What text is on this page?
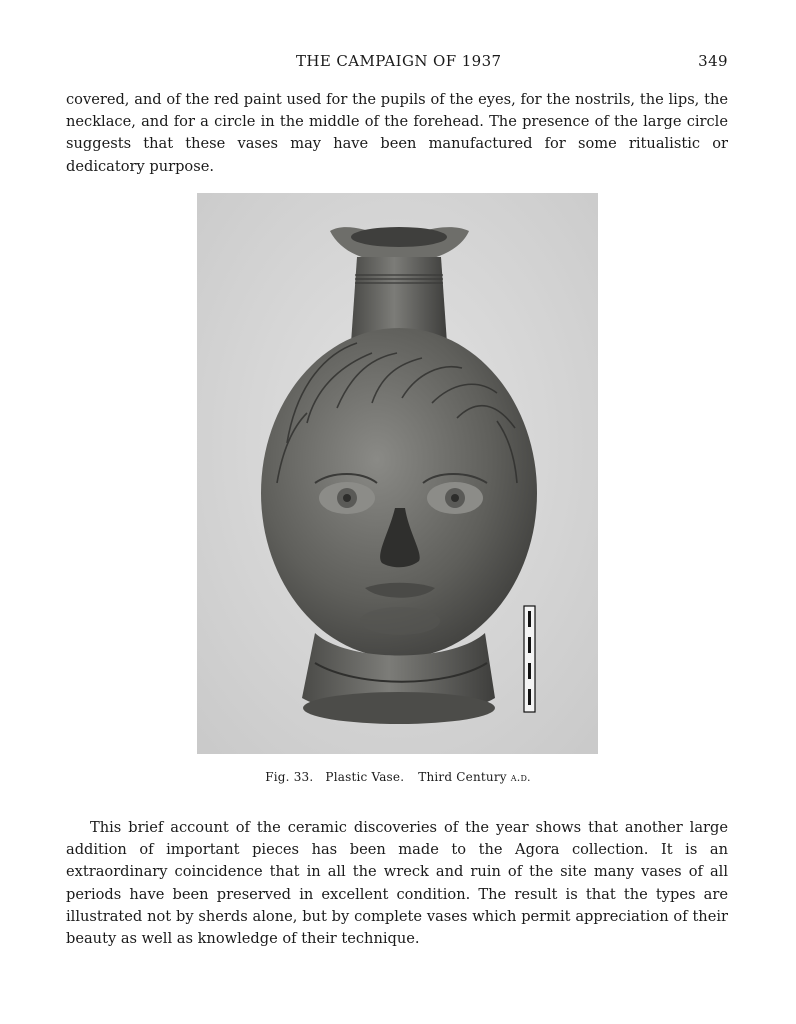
THE CAMPAIGN OF 1937	349

covered, and of the red paint used for the pupils of the eyes, for the nostrils, the lips, the necklace, and for a circle in the middle of the forehead. The presence of the large circle suggests that these vases may have been manufactured for some ritualistic or dedicatory purpose.

Fig. 33. Plastic Vase. Third Century a.d.

This brief account of the ceramic discoveries of the year shows that another large addition of important pieces has been made to the Agora collection. It is an extraordinary coincidence that in all the wreck and ruin of the site many vases of all periods have been preserved in excellent condition. The result is that the types are illustrated not by sherds alone, but by complete vases which permit appreciation of their beauty as well as knowledge of their technique.
